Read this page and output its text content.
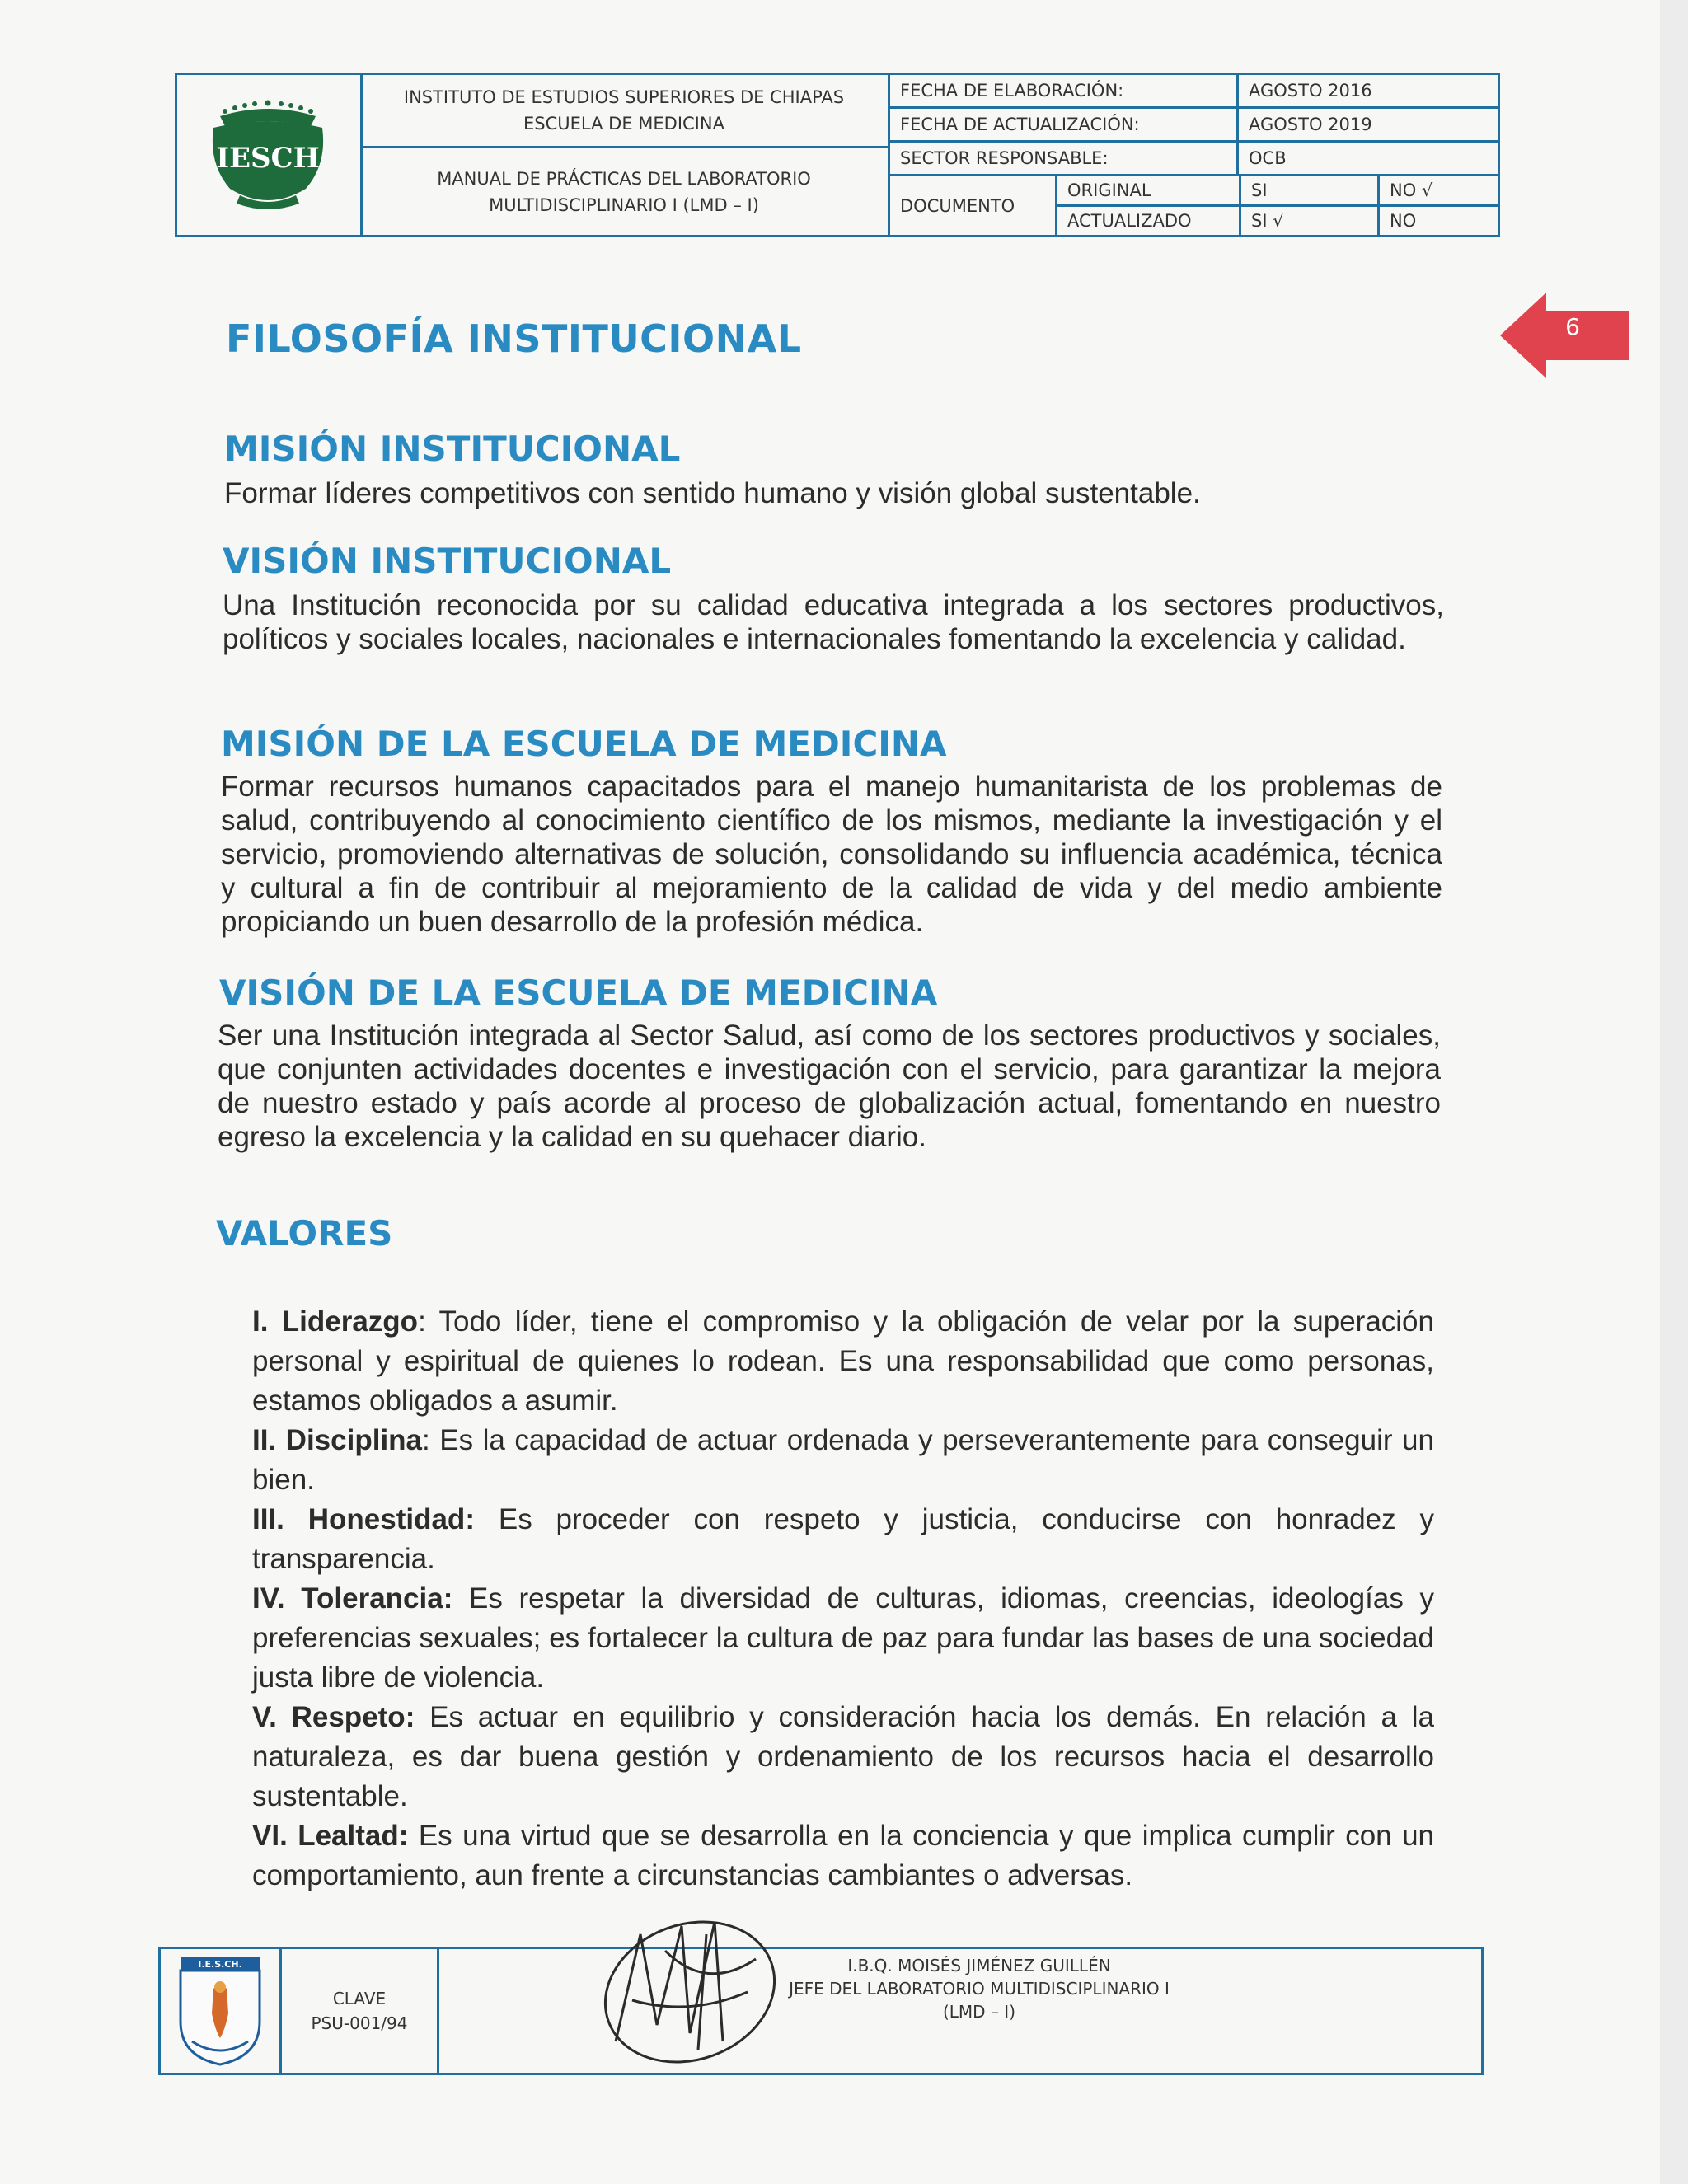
IESCH
INSTITUTO DE ESTUDIOS SUPERIORES DE CHIAPAS
ESCUELA DE MEDICINA
MANUAL DE PRÁCTICAS DEL LABORATORIO
MULTIDISCIPLINARIO I (LMD – I)
FECHA DE ELABORACIÓN:	AGOSTO 2016
FECHA DE ACTUALIZACIÓN:	AGOSTO 2019
SECTOR RESPONSABLE:	OCB
DOCUMENTO
ORIGINAL	SI	NO √
ACTUALIZADO	SI √	NO
6
FILOSOFÍA INSTITUCIONAL
MISIÓN INSTITUCIONAL

Formar líderes competitivos con sentido humano y visión global sustentable.

VISIÓN INSTITUCIONAL

Una Institución reconocida por su calidad educativa integrada a los sectores productivos, políticos y sociales locales, nacionales e internacionales fomentando la excelencia y calidad.

MISIÓN DE LA ESCUELA DE MEDICINA

Formar recursos humanos capacitados para el manejo humanitarista de los problemas de salud, contribuyendo al conocimiento científico de los mismos, mediante la investigación y el servicio, promoviendo alternativas de solución, consolidando su influencia académica, técnica y cultural a fin de contribuir al mejoramiento de la calidad de vida y del medio ambiente propiciando un buen desarrollo de la profesión médica.

VISIÓN DE LA ESCUELA DE MEDICINA

Ser una Institución integrada al Sector Salud, así como de los sectores productivos y sociales, que conjunten actividades docentes e investigación con el servicio, para garantizar la mejora de nuestro estado y país acorde al proceso de globalización actual, fomentando en nuestro egreso la excelencia y la calidad en su quehacer diario.

VALORES
I. Liderazgo: Todo líder, tiene el compromiso y la obligación de velar por la superación personal y espiritual de quienes lo rodean. Es una responsabilidad que como personas, estamos obligados a asumir.
II. Disciplina: Es la capacidad de actuar ordenada y perseverantemente para conseguir un bien.
III. Honestidad: Es proceder con respeto y justicia, conducirse con honradez y transparencia.
IV. Tolerancia: Es respetar la diversidad de culturas, idiomas, creencias, ideologías y preferencias sexuales; es fortalecer la cultura de paz para fundar las bases de una sociedad justa libre de violencia.
V. Respeto: Es actuar en equilibrio y consideración hacia los demás. En relación a la naturaleza, es dar buena gestión y ordenamiento de los recursos hacia el desarrollo sustentable.
VI. Lealtad: Es una virtud que se desarrolla en la conciencia y que implica cumplir con un comportamiento, aun frente a circunstancias cambiantes o adversas.
I.E.S.CH.
CLAVE
PSU-001/94
I.B.Q. MOISÉS JIMÉNEZ GUILLÉN
JEFE DEL LABORATORIO MULTIDISCIPLINARIO I
(LMD – I)
